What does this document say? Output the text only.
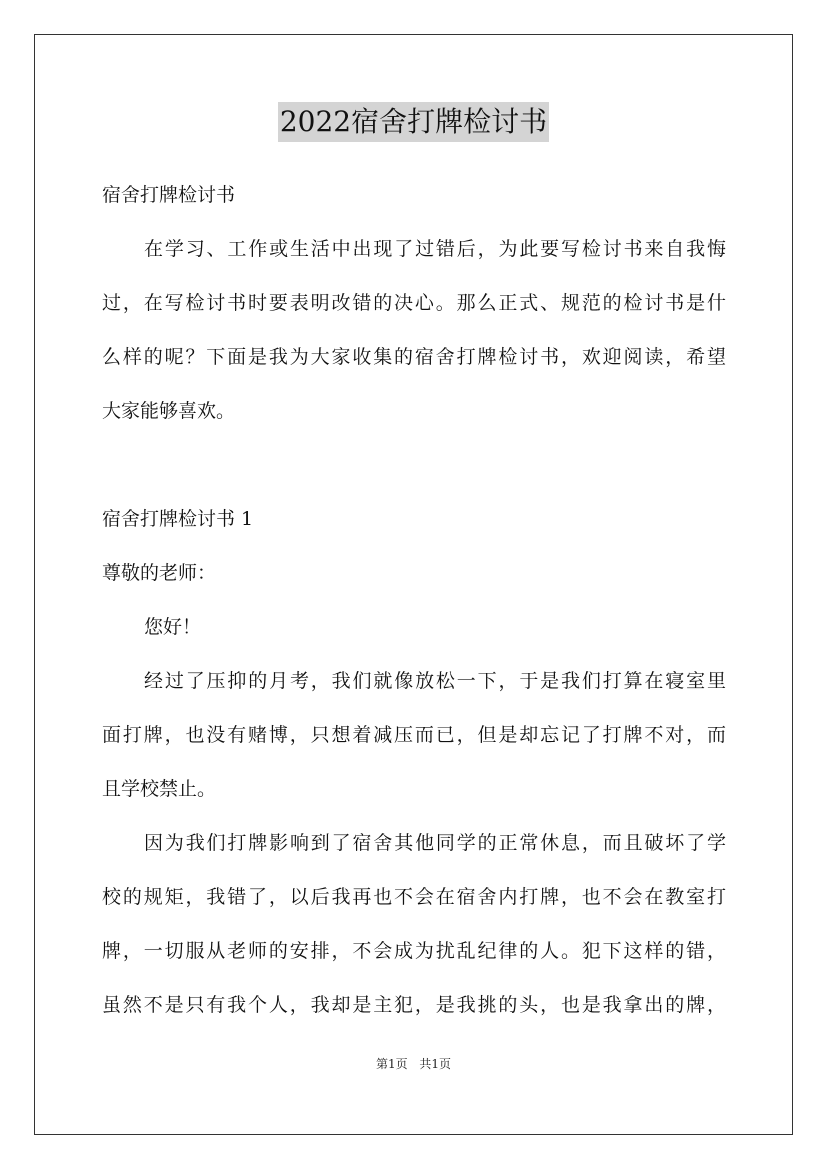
2022宿舍打牌检讨书
宿舍打牌检讨书
在学习、工作或生活中出现了过错后，为此要写检讨书来自我悔
过，在写检讨书时要表明改错的决心。那么正式、规范的检讨书是什
么样的呢？下面是我为大家收集的宿舍打牌检讨书，欢迎阅读，希望
大家能够喜欢。
宿舍打牌检讨书 1
尊敬的老师：
您好！
经过了压抑的月考，我们就像放松一下，于是我们打算在寝室里
面打牌，也没有赌博，只想着减压而已，但是却忘记了打牌不对，而
且学校禁止。
因为我们打牌影响到了宿舍其他同学的正常休息，而且破坏了学
校的规矩，我错了，以后我再也不会在宿舍内打牌，也不会在教室打
牌，一切服从老师的安排，不会成为扰乱纪律的人。犯下这样的错，
虽然不是只有我个人，我却是主犯，是我挑的头，也是我拿出的牌，
第1页 共1页
